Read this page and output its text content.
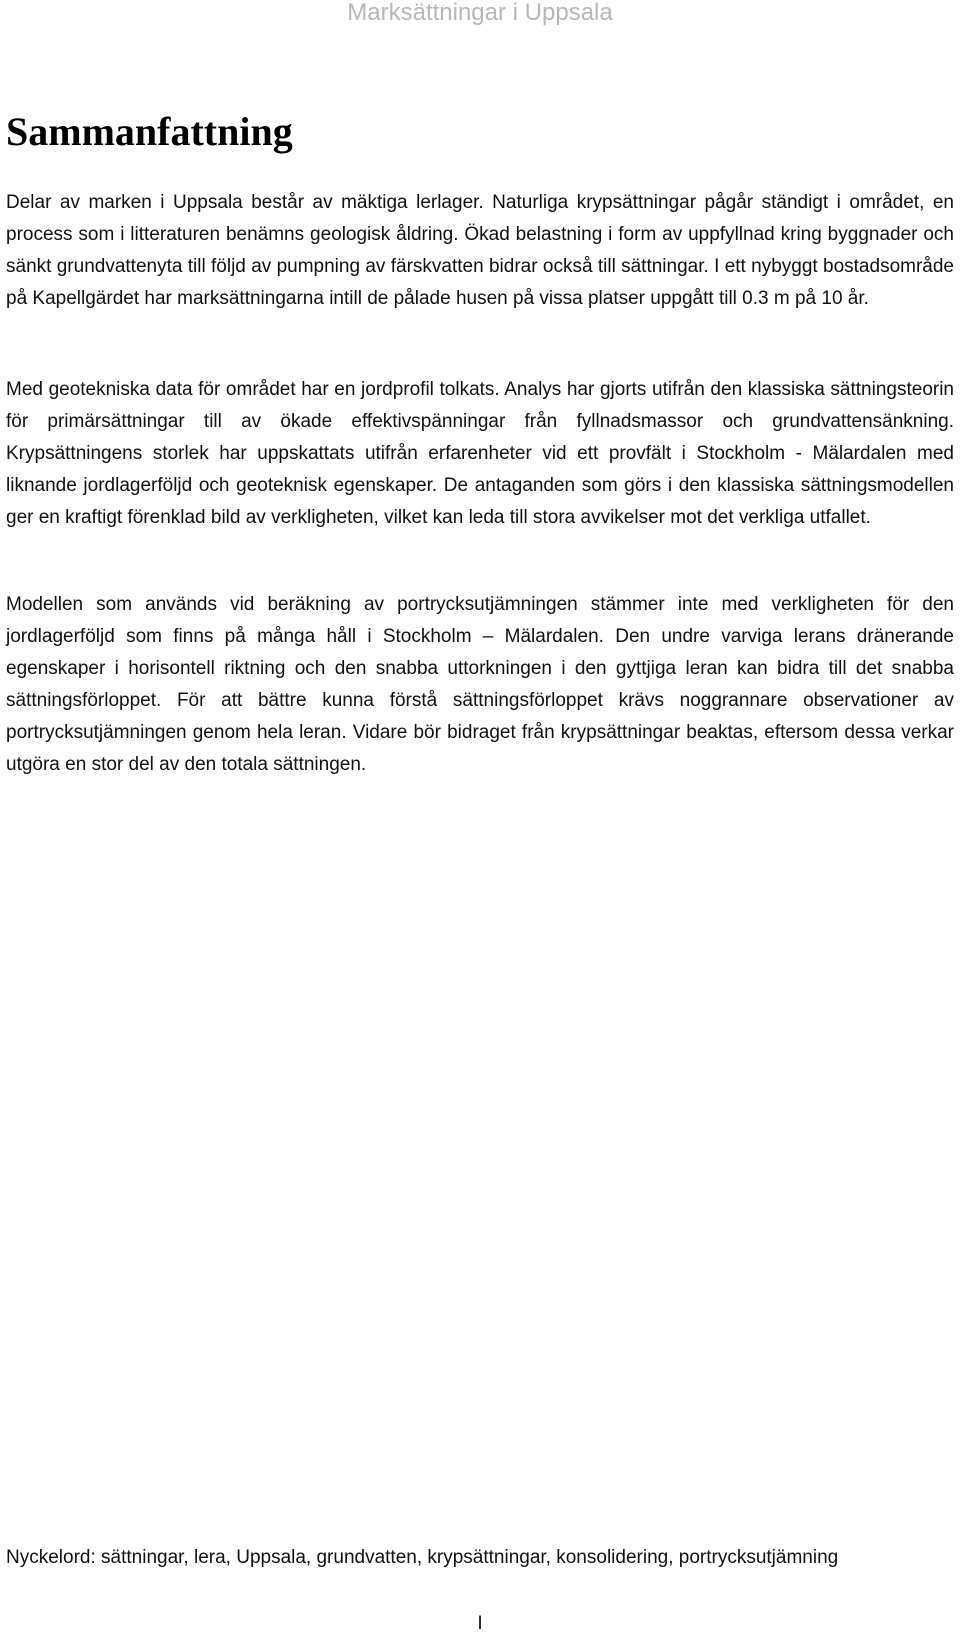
Marksättningar i Uppsala
Sammanfattning

Delar av marken i Uppsala består av mäktiga lerlager. Naturliga krypsättningar pågår ständigt i området, en process som i litteraturen benämns geologisk åldring. Ökad belastning i form av uppfyllnad kring byggnader och sänkt grundvattenyta till följd av pumpning av färskvatten bidrar också till sättningar. I ett nybyggt bostadsområde på Kapellgärdet har marksättningarna intill de pålade husen på vissa platser uppgått till 0.3 m på 10 år.

Med geotekniska data för området har en jordprofil tolkats. Analys har gjorts utifrån den klassiska sättningsteorin för primärsättningar till av ökade effektivspänningar från fyllnadsmassor och grundvattensänkning. Krypsättningens storlek har uppskattats utifrån erfarenheter vid ett provfält i Stockholm - Mälardalen med liknande jordlagerföljd och geoteknisk egenskaper. De antaganden som görs i den klassiska sättningsmodellen ger en kraftigt förenklad bild av verkligheten, vilket kan leda till stora avvikelser mot det verkliga utfallet.

Modellen som används vid beräkning av portrycksutjämningen stämmer inte med verkligheten för den jordlagerföljd som finns på många håll i Stockholm – Mälardalen. Den undre varviga lerans dränerande egenskaper i horisontell riktning och den snabba uttorkningen i den gyttjiga leran kan bidra till det snabba sättningsförloppet. För att bättre kunna förstå sättningsförloppet krävs noggrannare observationer av portrycksutjämningen genom hela leran. Vidare bör bidraget från krypsättningar beaktas, eftersom dessa verkar utgöra en stor del av den totala sättningen.

Nyckelord: sättningar, lera, Uppsala, grundvatten, krypsättningar, konsolidering, portrycksutjämning

I
